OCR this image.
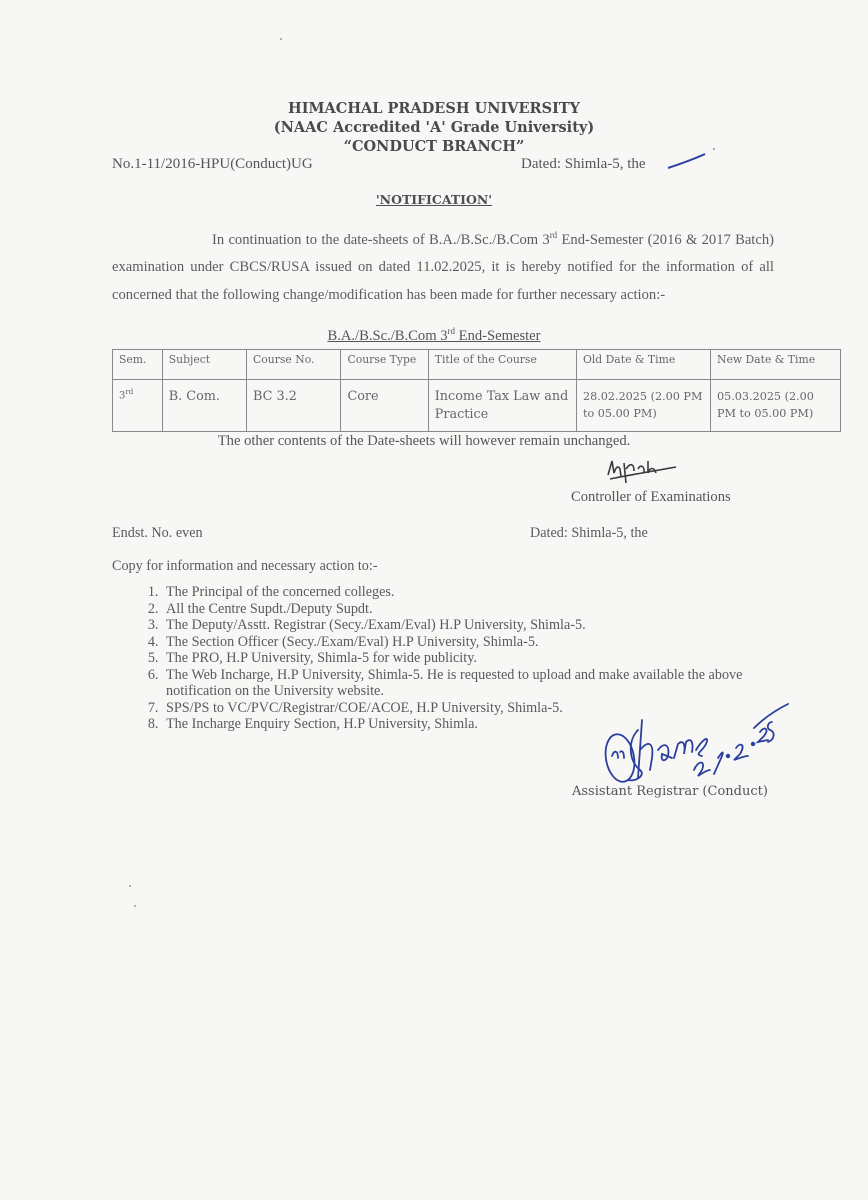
HIMACHAL PRADESH UNIVERSITY
(NAAC Accredited 'A' Grade University)
“CONDUCT BRANCH”
No.1-11/2016-HPU(Conduct)UG	Dated: Shimla-5, the
'NOTIFICATION'
In continuation to the date-sheets of B.A./B.Sc./B.Com 3rd End-Semester (2016 & 2017 Batch) examination under CBCS/RUSA issued on dated 11.02.2025, it is hereby notified for the information of all concerned that the following change/modification has been made for further necessary action:-
B.A./B.Sc./B.Com 3rd End-Semester
Sem.	Subject	Course No.	Course Type	Title of the Course	Old Date & Time	New Date & Time
3rd	B. Com.	BC 3.2	Core	Income Tax Law and Practice	28.02.2025 (2.00 PM to 05.00 PM)	05.03.2025 (2.00 PM to 05.00 PM)
The other contents of the Date-sheets will however remain unchanged.
Controller of Examinations
Endst. No. even	Dated: Shimla-5, the
Copy for information and necessary action to:-
1. The Principal of the concerned colleges.
2. All the Centre Supdt./Deputy Supdt.
3. The Deputy/Asstt. Registrar (Secy./Exam/Eval) H.P University, Shimla-5.
4. The Section Officer (Secy./Exam/Eval) H.P University, Shimla-5.
5. The PRO, H.P University, Shimla-5 for wide publicity.
6. The Web Incharge, H.P University, Shimla-5. He is requested to upload and make available the above notification on the University website.
7. SPS/PS to VC/PVC/Registrar/COE/ACOE, H.P University, Shimla-5.
8. The Incharge Enquiry Section, H.P University, Shimla.
Assistant Registrar (Conduct)
